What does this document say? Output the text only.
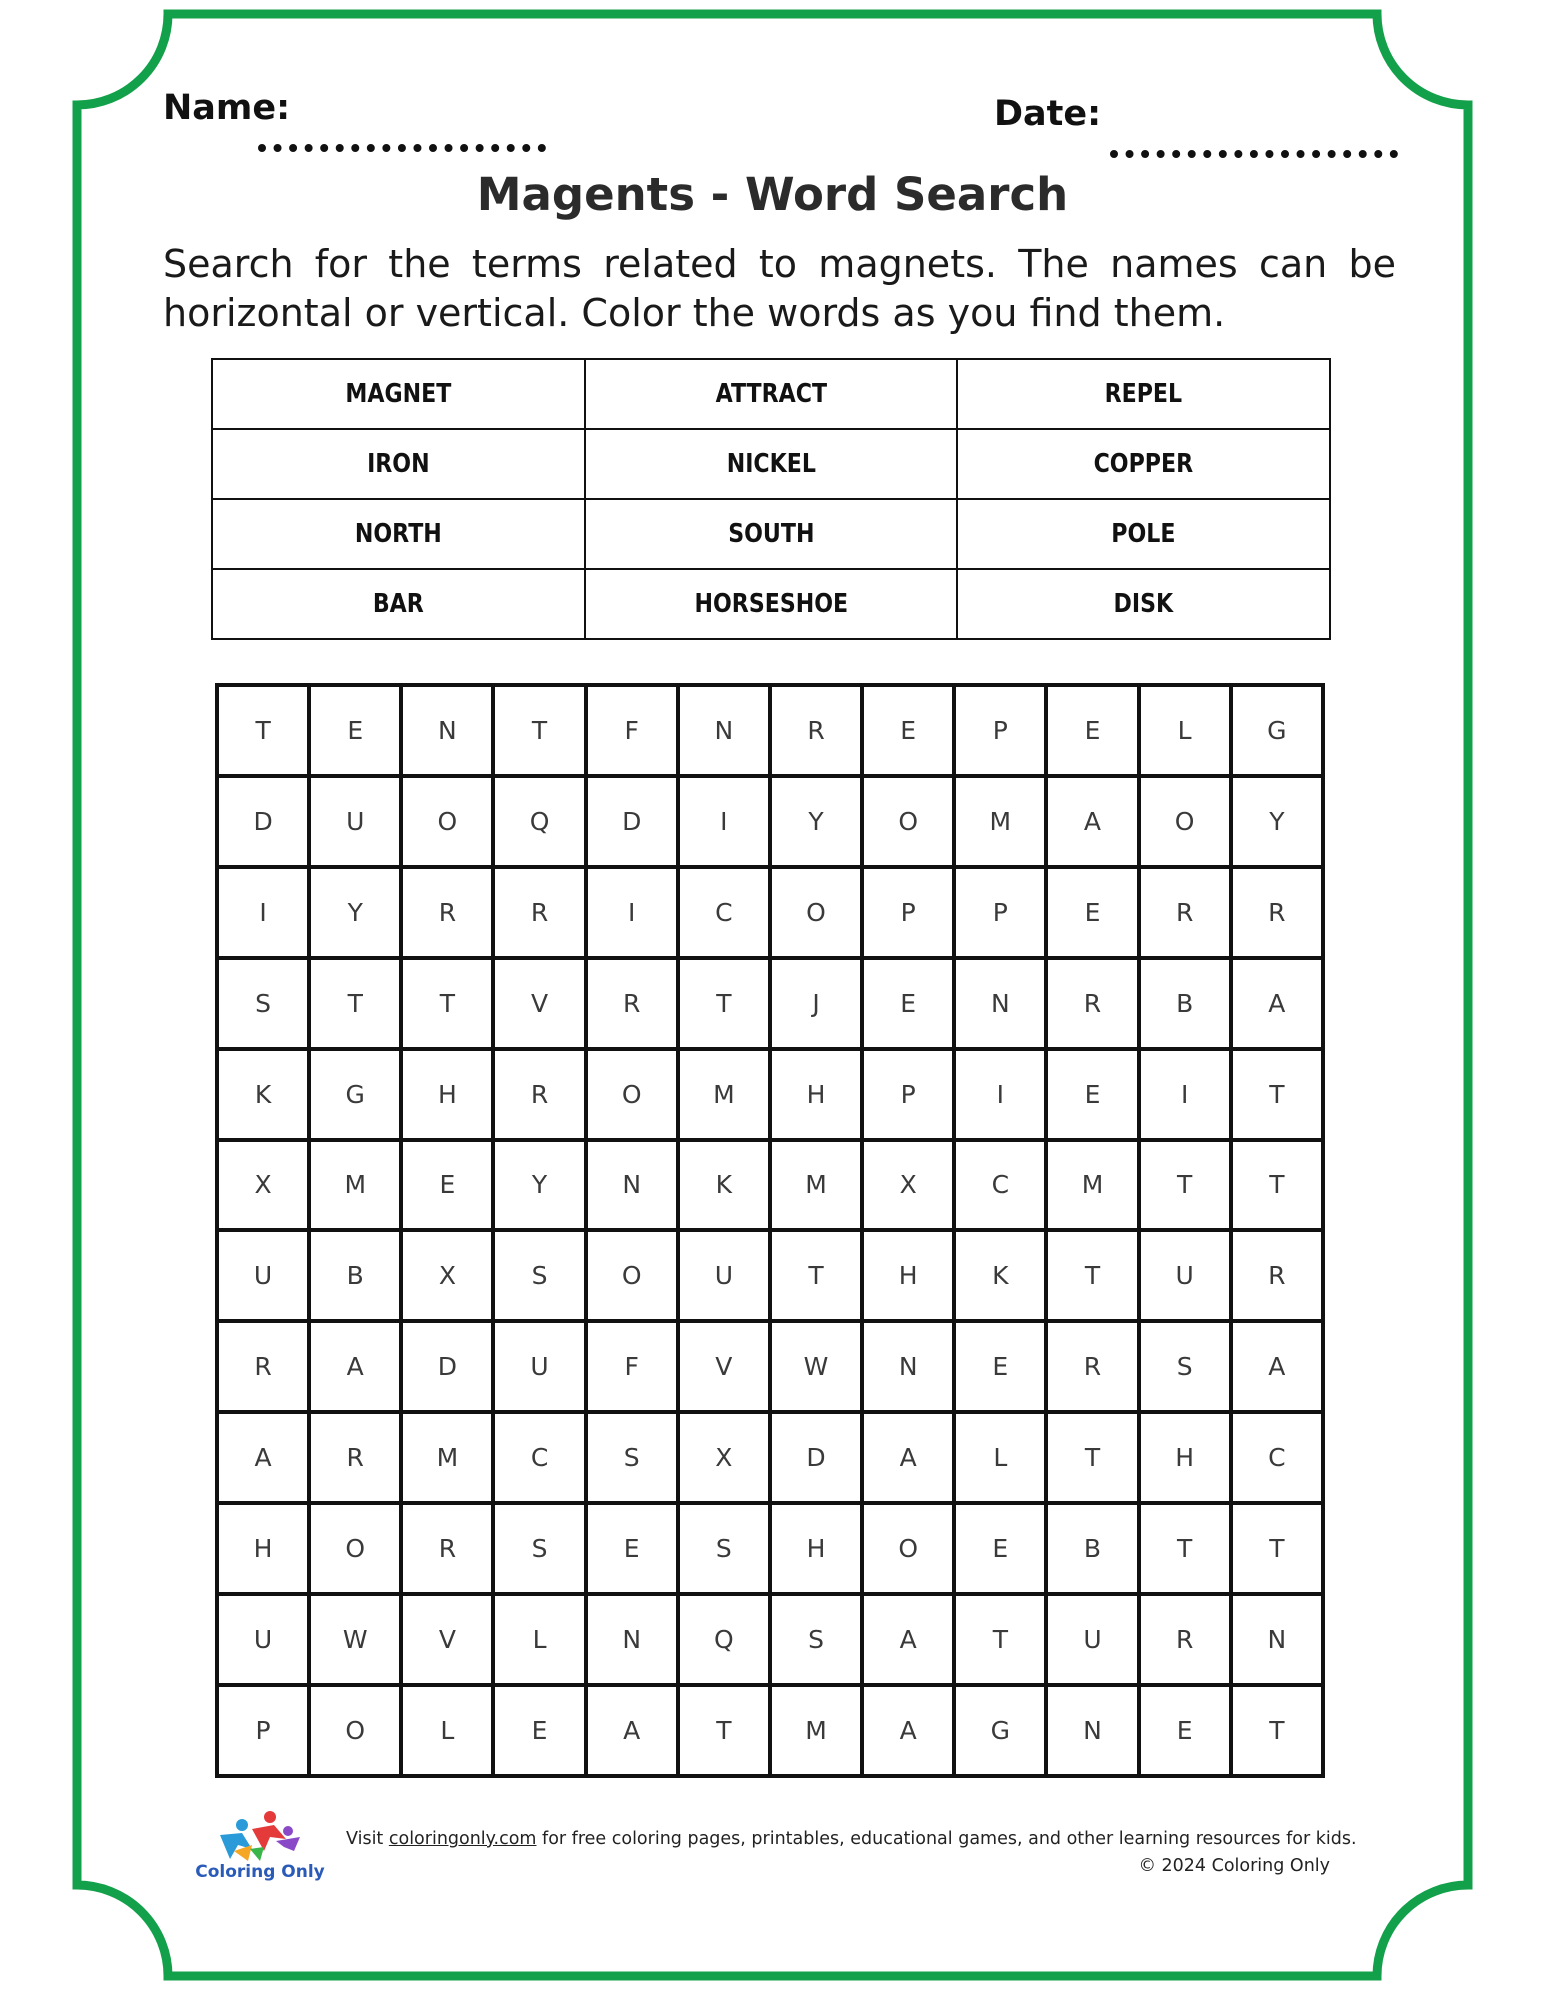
Name:	Date:
Magents - Word Search
Search for the terms related to magnets. The names can be horizontal or vertical. Color the words as you find them.
MAGNET	ATTRACT	REPEL
IRON	NICKEL	COPPER
NORTH	SOUTH	POLE
BAR	HORSESHOE	DISK
T	E	N	T	F	N	R	E	P	E	L	G
D	U	O	Q	D	I	Y	O	M	A	O	Y
I	Y	R	R	I	C	O	P	P	E	R	R
S	T	T	V	R	T	J	E	N	R	B	A
K	G	H	R	O	M	H	P	I	E	I	T
X	M	E	Y	N	K	M	X	C	M	T	T
U	B	X	S	O	U	T	H	K	T	U	R
R	A	D	U	F	V	W	N	E	R	S	A
A	R	M	C	S	X	D	A	L	T	H	C
H	O	R	S	E	S	H	O	E	B	T	T
U	W	V	L	N	Q	S	A	T	U	R	N
P	O	L	E	A	T	M	A	G	N	E	T
Coloring Only
Visit coloringonly.com for free coloring pages, printables, educational games, and other learning resources for kids.
© 2024 Coloring Only
